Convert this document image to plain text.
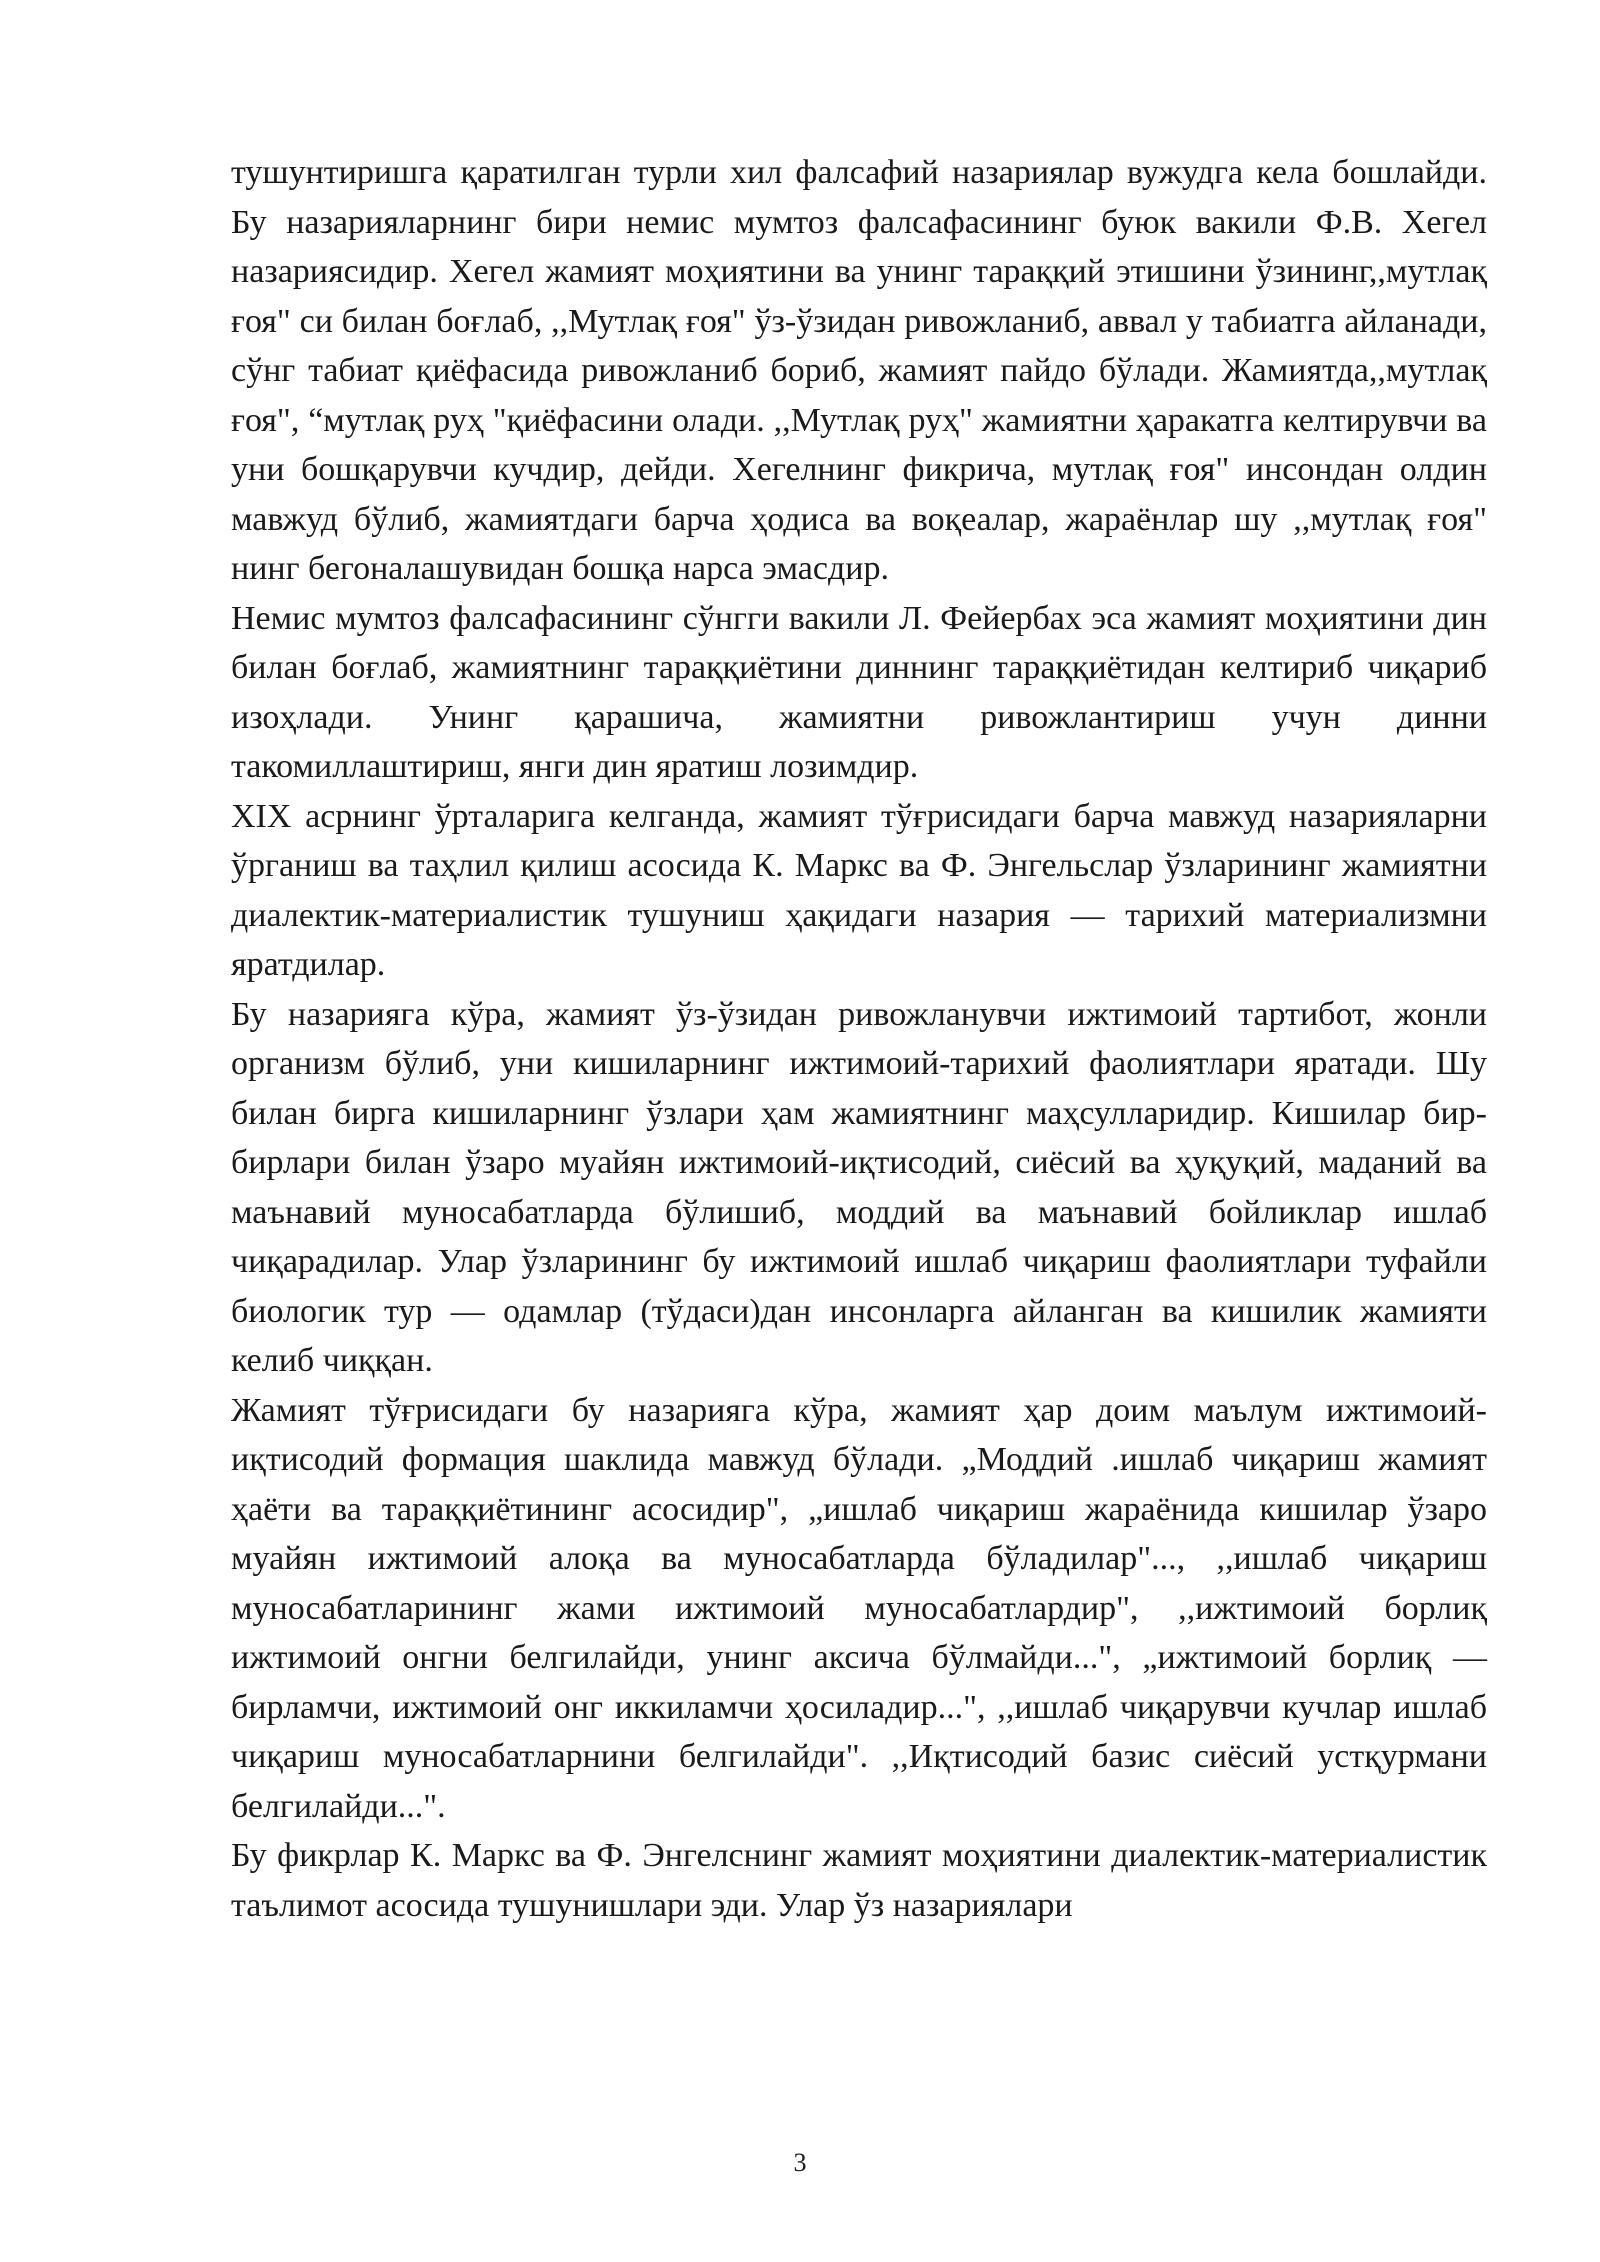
тушунтиришга қаратилган турли хил фалсафий назариялар вужудга кела бошлайди. Бу назарияларнинг бири немис мумтоз фалсафасининг буюк вакили Ф.В. Хегел назариясидир. Хегел жамият моҳиятини ва унинг тараққий этишини ўзининг,,мутлақ ғоя" си билан боғлаб, ,,Мутлақ ғоя" ўз-ўзидан ривожланиб, аввал у табиатга айланади, сўнг табиат қиёфасида ривожланиб бориб, жамият пайдо бўлади. Жамиятда,,мутлақ ғоя", “мутлақ руҳ "қиёфасини олади. ,,Мутлақ руҳ" жамиятни ҳаракатга келтирувчи ва уни бошқарувчи кучдир, дейди. Хегелнинг фикрича, мутлақ ғоя" инсондан олдин мавжуд бўлиб, жамиятдаги барча ҳодиса ва воқеалар, жараёнлар шу ,,мутлақ ғоя" нинг бегоналашувидан бошқа нарса эмасдир.

Немис мумтоз фалсафасининг сўнгги вакили Л. Фейербах эса жамият моҳиятини дин билан боғлаб, жамиятнинг тараққиётини диннинг тараққиётидан келтириб чиқариб изоҳлади. Унинг қарашича, жамиятни ривожлантириш учун динни такомиллаштириш, янги дин яратиш лозимдир.

XIX асрнинг ўрталарига келганда, жамият тўғрисидаги барча мавжуд назарияларни ўрганиш ва таҳлил қилиш асосида К. Маркс ва Ф. Энгельслар ўзларининг жамиятни диалектик-материалистик тушуниш ҳақидаги назария — тарихий материализмни яратдилар.

Бу назарияга кўра, жамият ўз-ўзидан ривожланувчи ижтимоий тартибот, жонли организм бўлиб, уни кишиларнинг ижтимоий-тарихий фаолиятлари яратади. Шу билан бирга кишиларнинг ўзлари ҳам жамиятнинг маҳсулларидир. Кишилар бир-бирлари билан ўзаро муайян ижтимоий-иқтисодий, сиёсий ва ҳуқуқий, маданий ва маънавий муносабатларда бўлишиб, моддий ва маънавий бойликлар ишлаб чиқарадилар. Улар ўзларининг бу ижтимоий ишлаб чиқариш фаолиятлари туфайли биологик тур — одамлар (тўдаси)дан инсонларга айланган ва кишилик жамияти келиб чиққан.

Жамият тўғрисидаги бу назарияга кўра, жамият ҳар доим маълум ижтимоий-иқтисодий формация шаклида мавжуд бўлади. „Моддий .ишлаб чиқариш жамият ҳаёти ва тараққиётининг асосидир", „ишлаб чиқариш жараёнида кишилар ўзаро муайян ижтимоий алоқа ва муносабатларда бўладилар"..., ,,ишлаб чиқариш муносабатларининг жами ижтимоий муносабатлардир", ,,ижтимоий борлиқ ижтимоий онгни белгилайди, унинг аксича бўлмайди...", „ижтимоий борлиқ — бирламчи, ижтимоий онг иккиламчи ҳосиладир...", ,,ишлаб чиқарувчи кучлар ишлаб чиқариш муносабатларнини белгилайди". ,,Иқтисодий базис сиёсий устқурмани белгилайди...".

Бу фикрлар К. Маркс ва Ф. Энгелснинг жамият моҳиятини диалектик-материалистик таълимот асосида тушунишлари эди. Улар ўз назариялари

3
